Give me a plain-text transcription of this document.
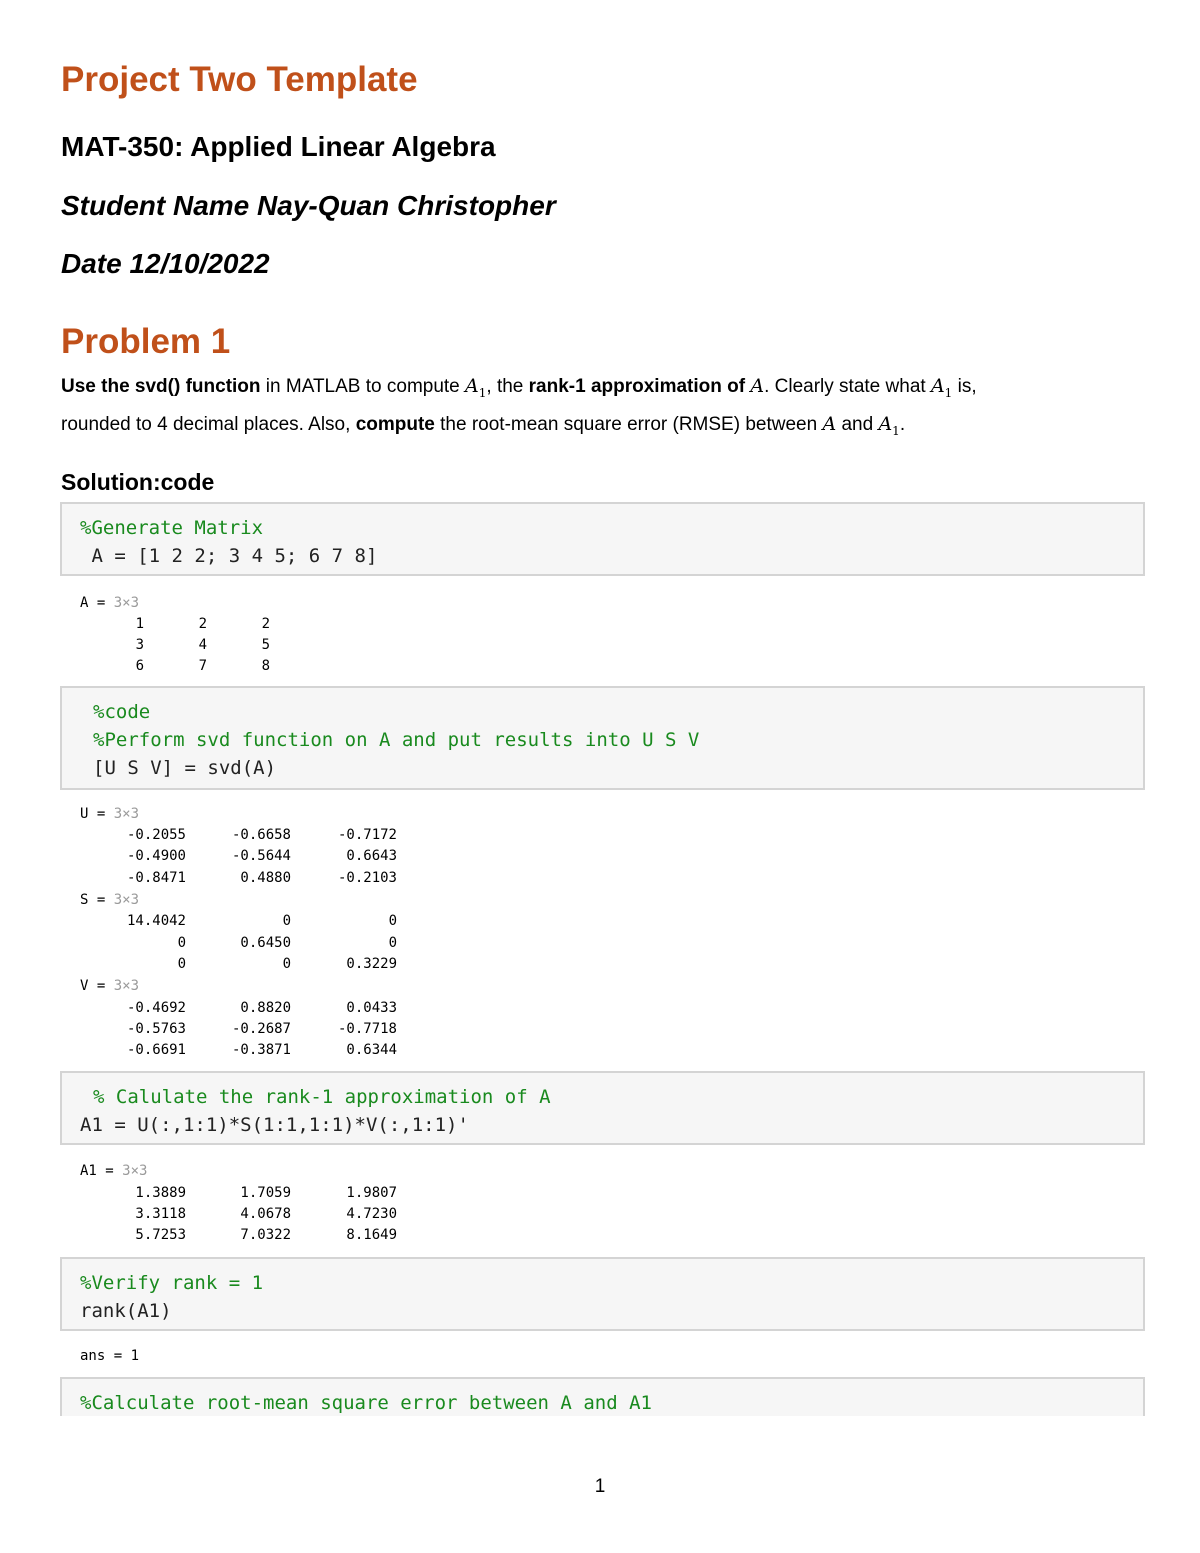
Project Two Template
MAT-350: Applied Linear Algebra
Student Name Nay-Quan Christopher
Date 12/10/2022
Problem 1

Use the svd() function in MATLAB to compute $A_1$, the rank-1 approximation of A. Clearly state what $A_1$ is,

rounded to 4 decimal places. Also, compute the root-mean square error (RMSE) between A and $A_1$.

Solution:code
%Generate Matrix
A = [1 2 2; 3 4 5; 6 7 8]
A = 3×3
1	2	2
3	4	5
6	7	8
%code
%Perform svd function on A and put results into U S V
[U S V] = svd(A)
U = 3×3
-0.2055	-0.6658	-0.7172
-0.4900	-0.5644	0.6643
-0.8471	0.4880	-0.2103
S = 3×3
14.4042	0	0
0	0.6450	0
0	0	0.3229
V = 3×3
-0.4692	0.8820	0.0433
-0.5763	-0.2687	-0.7718
-0.6691	-0.3871	0.6344
% Calulate the rank-1 approximation of A
A1 = U(:,1:1)*S(1:1,1:1)*V(:,1:1)'
A1 = 3×3
1.3889	1.7059	1.9807
3.3118	4.0678	4.7230
5.7253	7.0322	8.1649
%Verify rank = 1
rank(A1)
ans = 1
%Calculate root-mean square error between A and A1
1
